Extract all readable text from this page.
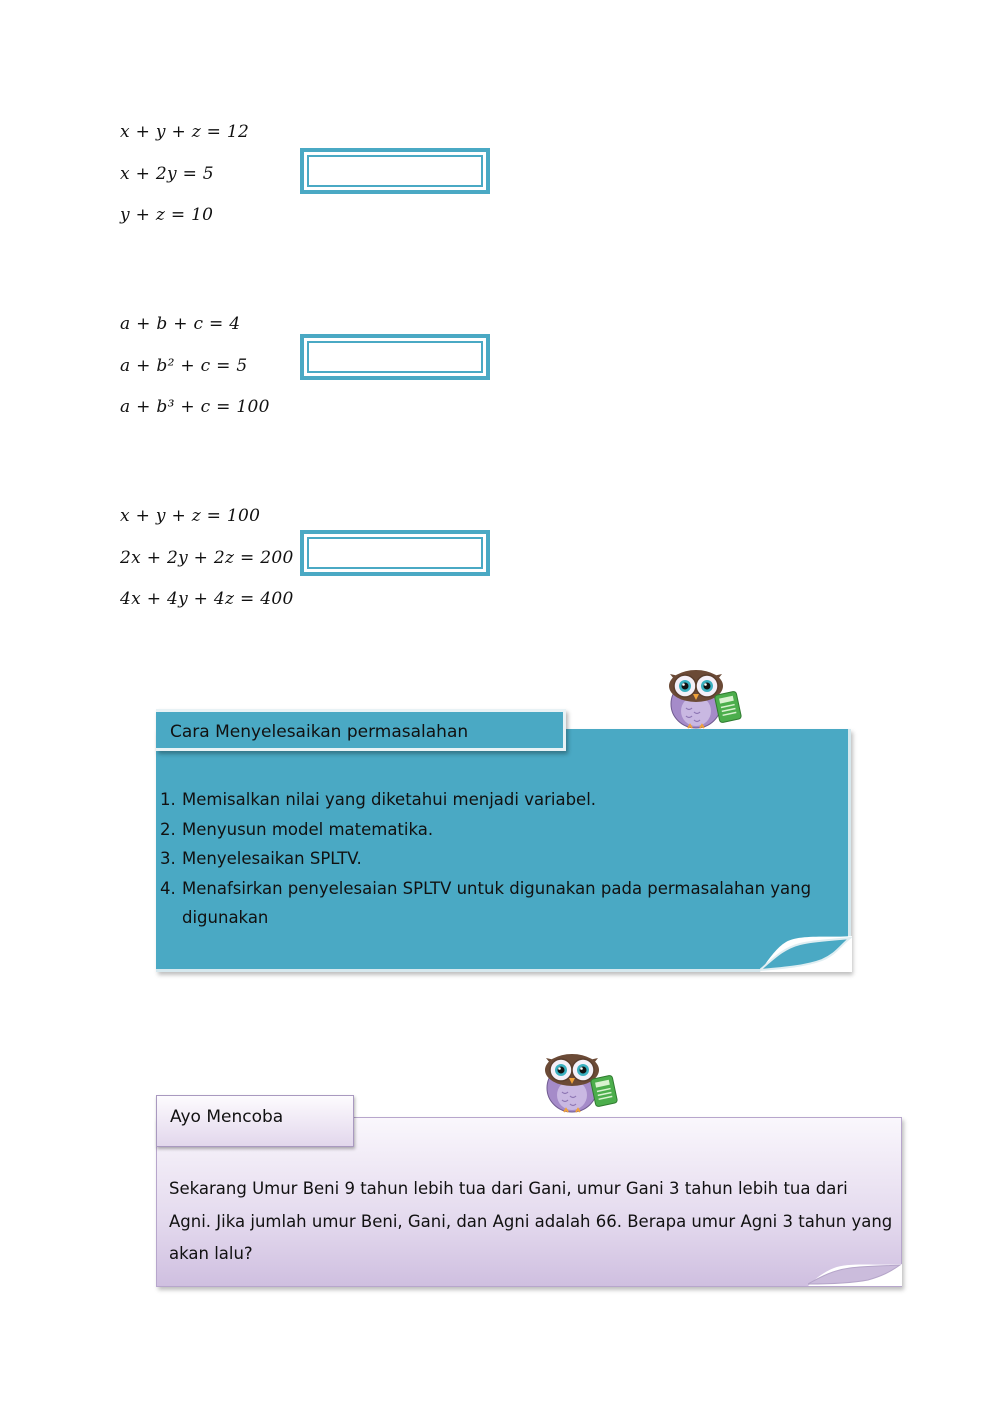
x + y + z = 12
x + 2y = 5
y + z = 10
a + b + c = 4
a + b² + c = 5
a + b³ + c = 100
x + y + z = 100
2x + 2y + 2z = 200
4x + 4y + 4z = 400
Cara Menyelesaikan permasalahan
1. Memisalkan nilai yang diketahui menjadi variabel.
2. Menyusun model matematika.
3. Menyelesaikan SPLTV.
4. Menafsirkan penyelesaian SPLTV untuk digunakan pada permasalahan yang digunakan
Ayo Mencoba
Sekarang Umur Beni 9 tahun lebih tua dari Gani, umur Gani 3 tahun lebih tua dari Agni. Jika jumlah umur Beni, Gani, dan Agni adalah 66. Berapa umur Agni 3 tahun yang akan lalu?
